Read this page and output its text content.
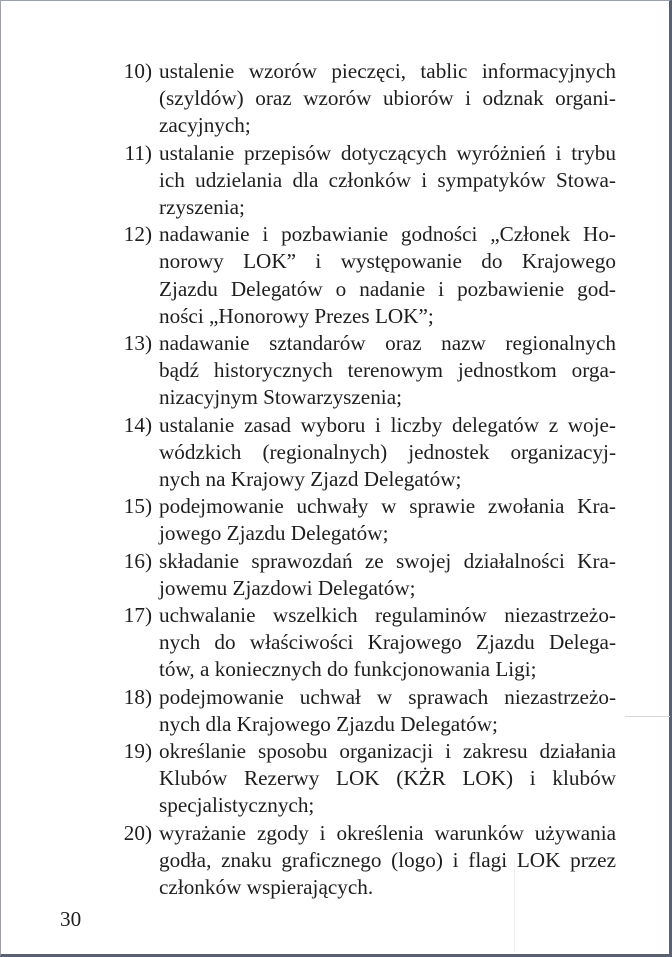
10) ustalenie wzorów pieczęci, tablic informacyjnych
(szyldów) oraz wzorów ubiorów i odznak organi-
zacyjnych;
11) ustalanie przepisów dotyczących wyróżnień i trybu
ich udzielania dla członków i sympatyków Stowa-
rzyszenia;
12) nadawanie i pozbawianie godności „Członek Ho-
norowy LOK” i występowanie do Krajowego
Zjazdu Delegatów o nadanie i pozbawienie god-
ności „Honorowy Prezes LOK”;
13) nadawanie sztandarów oraz nazw regionalnych
bądź historycznych terenowym jednostkom orga-
nizacyjnym Stowarzyszenia;
14) ustalanie zasad wyboru i liczby delegatów z woje-
wódzkich (regionalnych) jednostek organizacyj-
nych na Krajowy Zjazd Delegatów;
15) podejmowanie uchwały w sprawie zwołania Kra-
jowego Zjazdu Delegatów;
16) składanie sprawozdań ze swojej działalności Kra-
jowemu Zjazdowi Delegatów;
17) uchwalanie wszelkich regulaminów niezastrzeżo-
nych do właściwości Krajowego Zjazdu Delega-
tów, a koniecznych do funkcjonowania Ligi;
18) podejmowanie uchwał w sprawach niezastrzeżo-
nych dla Krajowego Zjazdu Delegatów;
19) określanie sposobu organizacji i zakresu działania
Klubów Rezerwy LOK (KŻR LOK) i klubów
specjalistycznych;
20) wyrażanie zgody i określenia warunków używania
godła, znaku graficznego (logo) i flagi LOK przez
członków wspierających.
30
